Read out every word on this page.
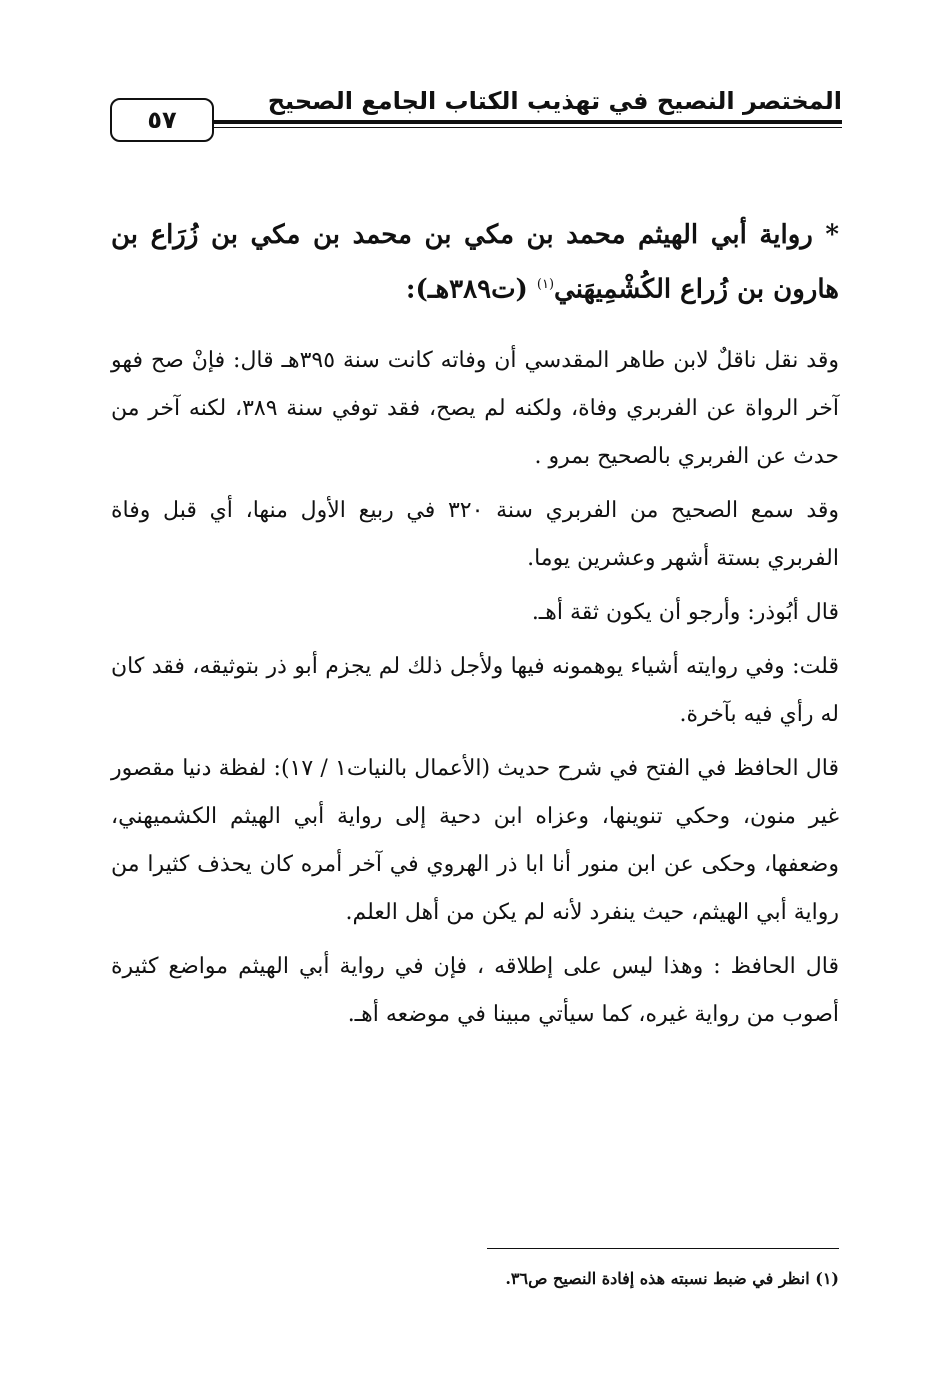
المختصر النصيح في تهذيب الكتاب الجامع الصحيح
٥٧

* رواية أبي الهيثم محمد بن مكي بن محمد بن مكي بن زُرَاع بن هارون بن زُراع الكُشْمِيهَني$^{(١)}$ (ت٣٨٩هـ):

وقد نقل ناقلٌ لابن طاهر المقدسي أن وفاته كانت سنة ٣٩٥هـ قال: فإنْ صح فهو آخر الرواة عن الفربري وفاة، ولكنه لم يصح، فقد توفي سنة ٣٨٩، لكنه آخر من حدث عن الفربري بالصحيح بمرو .

وقد سمع الصحيح من الفربري سنة ٣٢٠ في ربيع الأول منها، أي قبل وفاة الفربري بستة أشهر وعشرين يوما.

قال أبُوذر: وأرجو أن يكون ثقة أهـ.

قلت: وفي روايته أشياء يوهمونه فيها ولأجل ذلك لم يجزم أبو ذر بتوثيقه، فقد كان له رأي فيه بآخرة.

قال الحافظ في الفتح في شرح حديث (الأعمال بالنيات١ / ١٧): لفظة دنيا مقصور غير منون، وحكي تنوينها، وعزاه ابن دحية إلى رواية أبي الهيثم الكشميهني، وضعفها، وحكى عن ابن منور أنا ابا ذر الهروي في آخر أمره كان يحذف كثيرا من رواية أبي الهيثم، حيث ينفرد لأنه لم يكن من أهل العلم.

قال الحافظ : وهذا ليس على إطلاقه ، فإن في رواية أبي الهيثم مواضع كثيرة أصوب من رواية غيره، كما سيأتي مبينا في موضعه أهـ.

(١) انظر في ضبط نسبته هذه إفادة النصيح ص٣٦.
